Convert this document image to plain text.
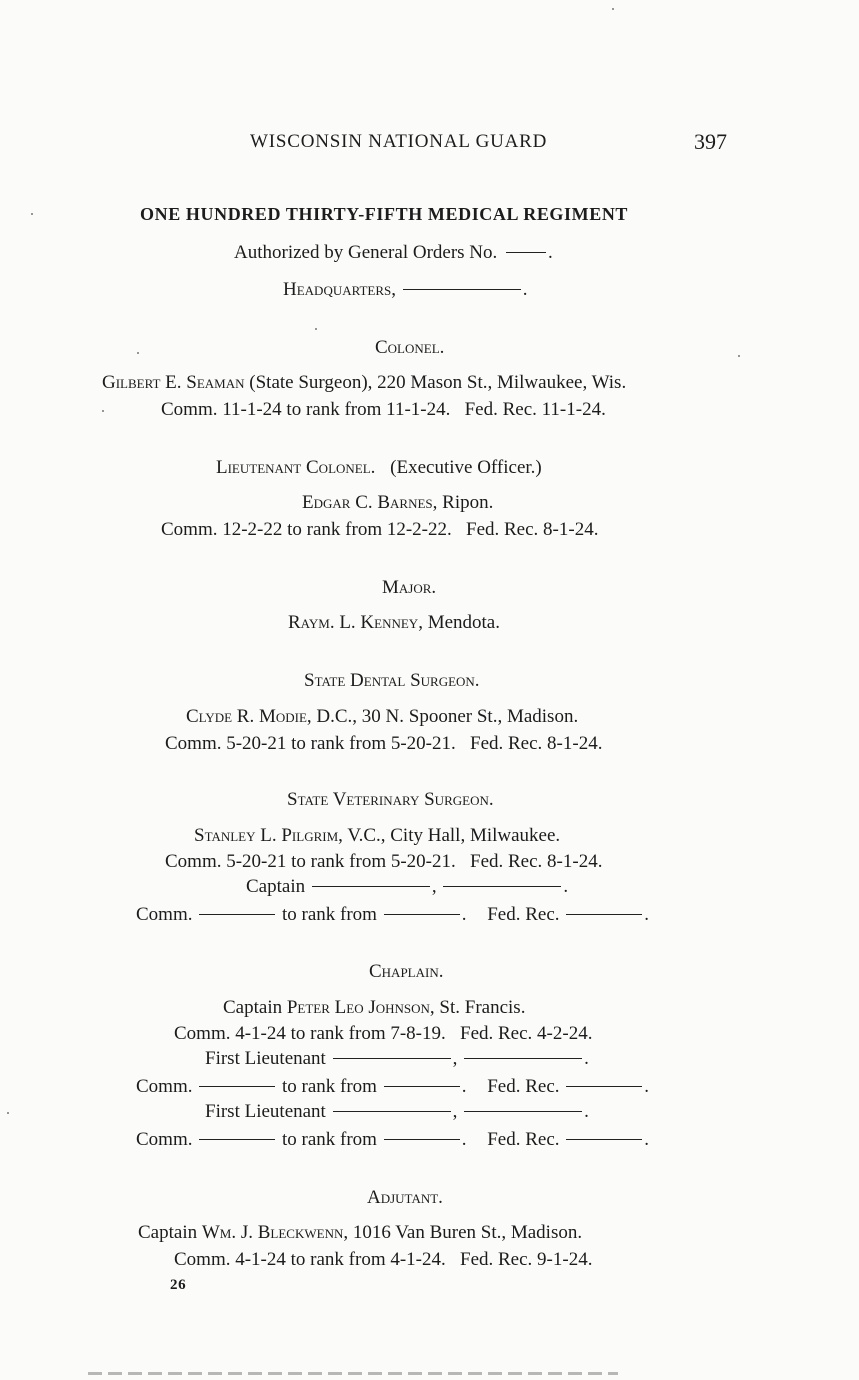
WISCONSIN NATIONAL GUARD	397
ONE HUNDRED THIRTY-FIFTH MEDICAL REGIMENT
Authorized by General Orders No.	.
Headquarters,	.
Colonel.
Gilbert E. Seaman (State Surgeon), 220 Mason St., Milwaukee, Wis.
Comm. 11-1-24 to rank from 11-1-24.   Fed. Rec. 11-1-24.
Lieutenant Colonel. (Executive Officer.)
Edgar C. Barnes, Ripon.
Comm. 12-2-22 to rank from 12-2-22.   Fed. Rec. 8-1-24.
Major.
Raym. L. Kenney, Mendota.
State Dental Surgeon.
Clyde R. Modie, D.C., 30 N. Spooner St., Madison.
Comm. 5-20-21 to rank from 5-20-21.   Fed. Rec. 8-1-24.
State Veterinary Surgeon.
Stanley L. Pilgrim, V.C., City Hall, Milwaukee.
Comm. 5-20-21 to rank from 5-20-21.   Fed. Rec. 8-1-24.
Captain	,	.
Comm.	to rank from	. Fed. Rec.	.
Chaplain.
Captain Peter Leo Johnson, St. Francis.
Comm. 4-1-24 to rank from 7-8-19.   Fed. Rec. 4-2-24.
First Lieutenant	,	.
Comm.	to rank from	. Fed. Rec.	.
First Lieutenant	,	.
Comm.	to rank from	. Fed. Rec.	.
Adjutant.
Captain Wm. J. Bleckwenn, 1016 Van Buren St., Madison.
Comm. 4-1-24 to rank from 4-1-24.   Fed. Rec. 9-1-24.
26
